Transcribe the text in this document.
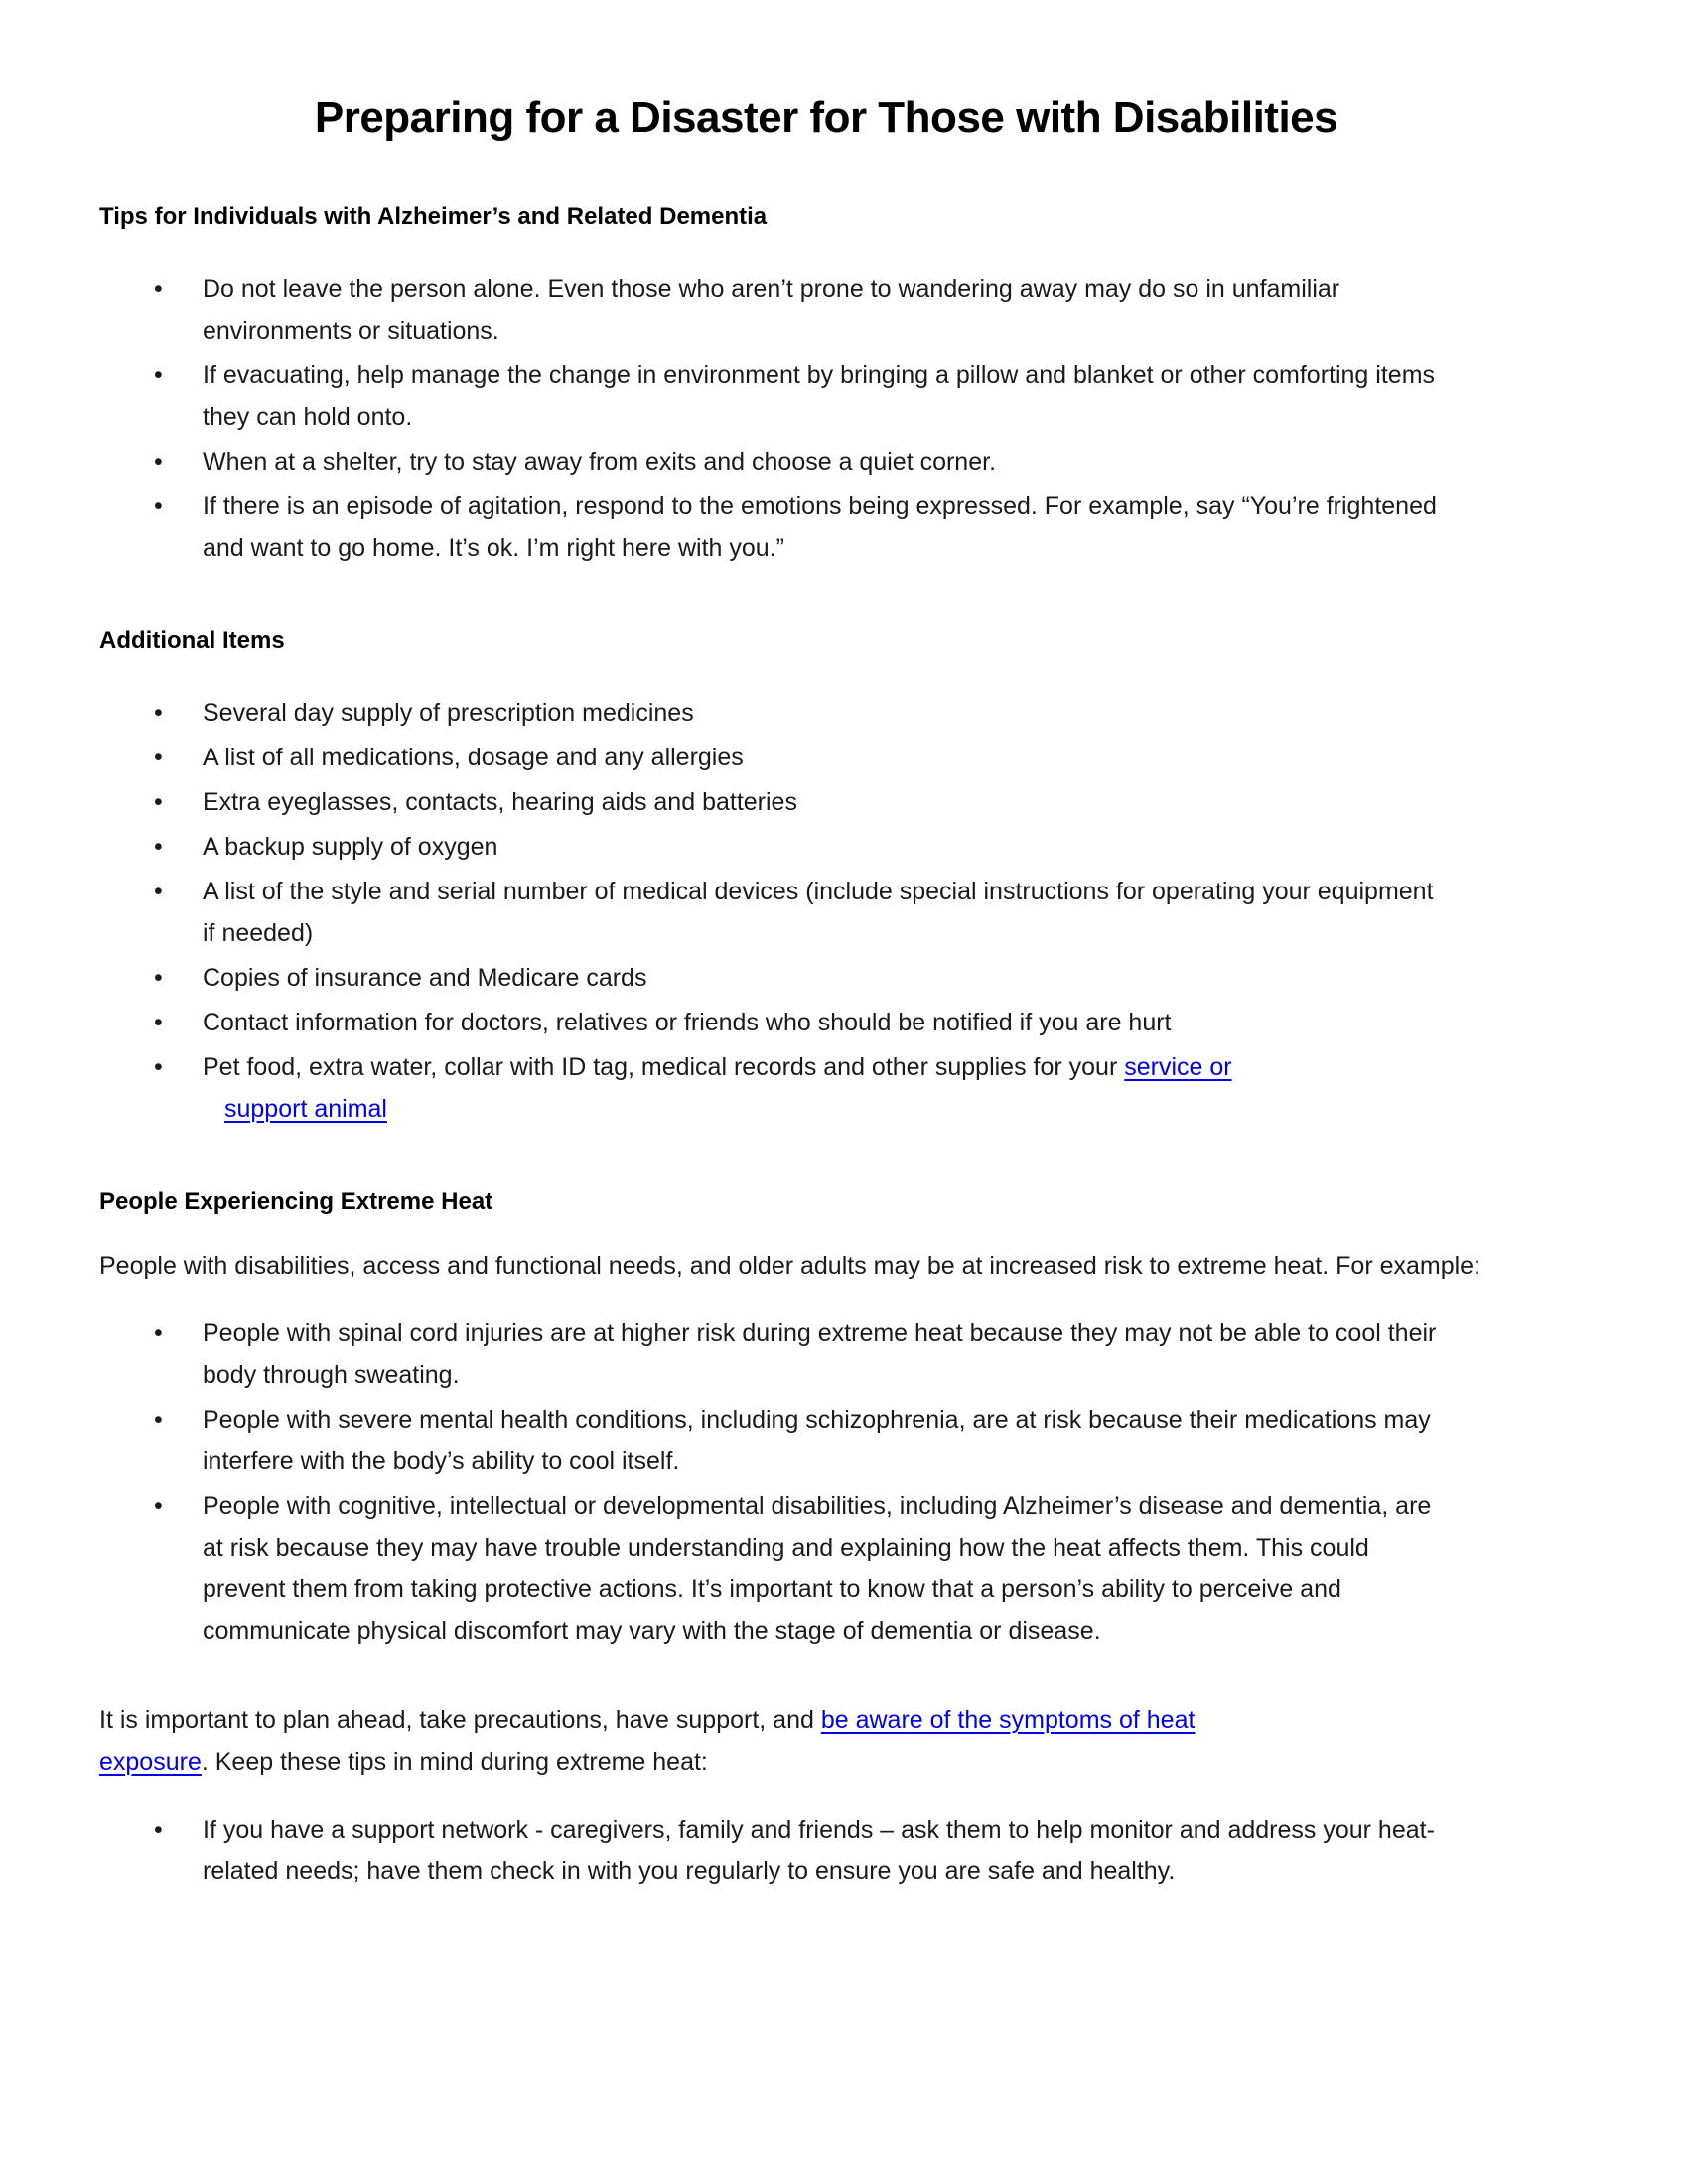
Preparing for a Disaster for Those with Disabilities
Tips for Individuals with Alzheimer’s and Related Dementia
•
Do not leave the person alone. Even those who aren’t prone to wandering away may do so in unfamiliar environments or situations.
•
If evacuating, help manage the change in environment by bringing a pillow and blanket or other comforting items they can hold onto.
•
When at a shelter, try to stay away from exits and choose a quiet corner.
•
If there is an episode of agitation, respond to the emotions being expressed. For example, say “You’re frightened and want to go home. It’s ok. I’m right here with you.”
Additional Items
•
Several day supply of prescription medicines
•
A list of all medications, dosage and any allergies
•
Extra eyeglasses, contacts, hearing aids and batteries
•
A backup supply of oxygen
•
A list of the style and serial number of medical devices (include special instructions for operating your equipment if needed)
•
Copies of insurance and Medicare cards
•
Contact information for doctors, relatives or friends who should be notified if you are hurt
•
Pet food, extra water, collar with ID tag, medical records and other supplies for your service or
support animal
People Experiencing Extreme Heat

People with disabilities, access and functional needs, and older adults may be at increased risk to extreme heat. For example:

•
People with spinal cord injuries are at higher risk during extreme heat because they may not be able to cool their body through sweating.
•
People with severe mental health conditions, including schizophrenia, are at risk because their medications may interfere with the body’s ability to cool itself.
•
People with cognitive, intellectual or developmental disabilities, including Alzheimer’s disease and dementia, are at risk because they may have trouble understanding and explaining how the heat affects them. This could prevent them from taking protective actions. It’s important to know that a person’s ability to perceive and communicate physical discomfort may vary with the stage of dementia or disease.

It is important to plan ahead, take precautions, have support, and be aware of the symptoms of heat
exposure. Keep these tips in mind during extreme heat:

•
If you have a support network - caregivers, family and friends – ask them to help monitor and address your heat-related needs; have them check in with you regularly to ensure you are safe and healthy.
